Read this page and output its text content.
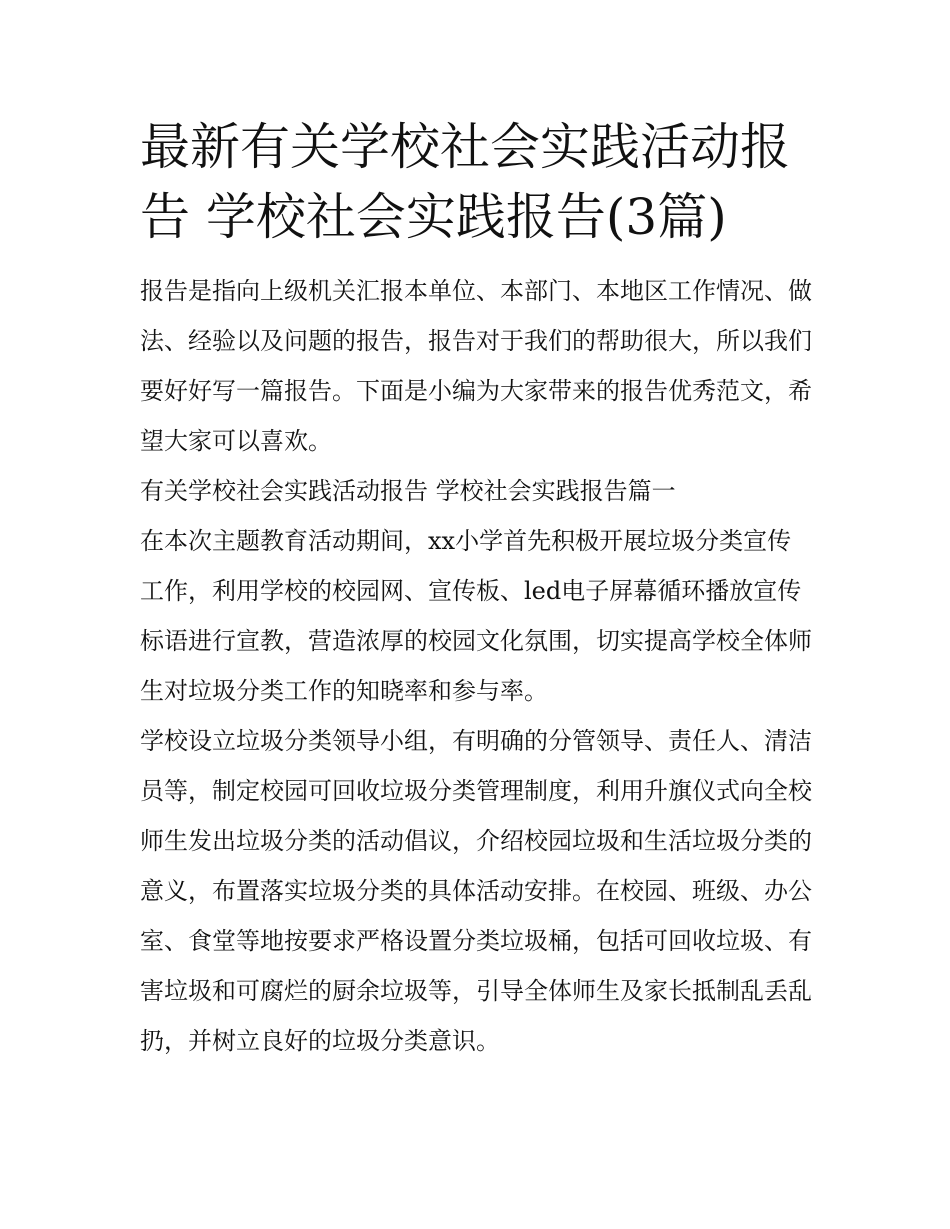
最新有关学校社会实践活动报告 学校社会实践报告(3篇)

报告是指向上级机关汇报本单位、本部门、本地区工作情况、做法、经验以及问题的报告，报告对于我们的帮助很大，所以我们要好好写一篇报告。下面是小编为大家带来的报告优秀范文，希望大家可以喜欢。

有关学校社会实践活动报告 学校社会实践报告篇一

在本次主题教育活动期间，xx小学首先积极开展垃圾分类宣传工作，利用学校的校园网、宣传板、led电子屏幕循环播放宣传标语进行宣教，营造浓厚的校园文化氛围，切实提高学校全体师生对垃圾分类工作的知晓率和参与率。

学校设立垃圾分类领导小组，有明确的分管领导、责任人、清洁员等，制定校园可回收垃圾分类管理制度，利用升旗仪式向全校师生发出垃圾分类的活动倡议，介绍校园垃圾和生活垃圾分类的意义，布置落实垃圾分类的具体活动安排。在校园、班级、办公室、食堂等地按要求严格设置分类垃圾桶，包括可回收垃圾、有害垃圾和可腐烂的厨余垃圾等，引导全体师生及家长抵制乱丢乱扔，并树立良好的垃圾分类意识。
